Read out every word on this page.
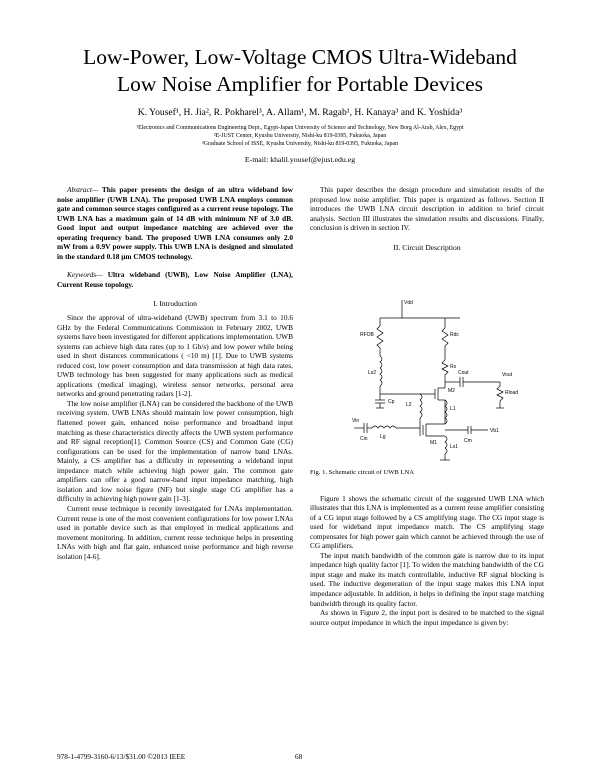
Low-Power, Low-Voltage CMOS Ultra-Wideband
Low Noise Amplifier for Portable Devices
K. Yousef¹, H. Jia², R. Pokharel³, A. Allam¹, M. Ragab¹, H. Kanaya³ and K. Yoshida³
¹Electronics and Communications Engineering Dept., Egypt-Japan University of Science and Technology, New Borg Al-Arab, Alex, Egypt
²E-JUST Center, Kyushu University, Nishi-ku 819-0395, Fukuoka, Japan
³Graduate School of ISSE, Kyushu University, Nishi-ku 819-0395, Fukuoka, Japan
E-mail: khalil.yousef@ejust.edu.eg

Abstract— This paper presents the design of an ultra wideband low noise amplifier (UWB LNA). The proposed UWB LNA employs common gate and common source stages configured as a current reuse topology. The UWB LNA has a maximum gain of 14 dB with minimum NF of 3.0 dB. Good input and output impedance matching are achieved over the operating frequency band. The proposed UWB LNA consumes only 2.0 mW from a 0.9V power supply. This UWB LNA is designed and simulated in the standard 0.18 μm CMOS technology.

Keywords— Ultra wideband (UWB), Low Noise Amplifier (LNA), Current Reuse topology.

I. Introduction

Since the approval of ultra-wideband (UWB) spectrum from 3.1 to 10.6 GHz by the Federal Communications Commission in February 2002, UWB systems have been investigated for different applications implementation. UWB systems can achieve high data rates (up to 1 Gb/s) and low power while being used in short distances communications ( <10 m) [1]. Due to UWB systems reduced cost, low power consumption and data transmission at high data rates, UWB technology has been suggested for many applications such as medical applications (medical imaging), wireless sensor networks, personal area networks and ground penetrating radars [1-2].

The low noise amplifier (LNA) can be considered the backbone of the UWB receiving system. UWB LNAs should maintain low power consumption, high flattened power gain, enhanced noise performance and broadband input matching as these characteristics directly affects the UWB system performance and RF signal reception[1]. Common Source (CS) and Common Gate (CG) configurations can be used for the implementation of narrow band LNAs. Mainly, a CS amplifier has a difficulty in representing a wideband input impedance match while achieving high power gain. The common gate amplifiers can offer a good narrow-band input impedance matching, high isolation and low noise figure (NF) but single stage CG amplifier has a difficulty in achieving high power gain [1-3].

Current reuse technique is recently investigated for LNAs implementation. Current reuse is one of the most convenient configurations for low power LNAs used in portable device such as that employed in medical applications and movement monitoring. In addition, current reuse technique helps in presenting LNAs with high and flat gain, enhanced noise performance and high reverse isolation [4-6].

This paper describes the design procedure and simulation results of the proposed low noise amplifier. This paper is organized as follows. Section II introduces the UWB LNA circuit description in addition to brief circuit analysis. Section III illustrates the simulation results and discussions. Finally, conclusion is driven in section IV.

II. Circuit Description
Vdd
RFOB	Rdc
Rs
Cout	Vout
Rload
Ls2
L2
M2
Cp
L1
Vin
Cin Lg
Ls1
Cm
M1
Vb1

Fig. 1. Schematic circuit of UWB LNA

Figure 1 shows the schematic circuit of the suggested UWB LNA which illustrates that this LNA is implemented as a current reuse amplifier consisting of a CG input stage followed by a CS amplifying stage. The CG input stage is used for wideband input impedance match. The CS amplifying stage compensates for high power gain which cannot be achieved through the use of CG amplifiers.

The input match bandwidth of the common gate is narrow due to its input impedance high quality factor [1]. To widen the matching bandwidth of the CG input stage and make its match controllable, inductive RF signal blocking is used. The inductive degeneration of the input stage makes this LNA input impedance adjustable. In addition, it helps in defining the input stage matching bandwidth through its quality factor.

As shown in Figure 2, the input port is desired to be matched to the signal source output impedance in which the input impedance is given by:

978-1-4799-3160-6/13/$31.00 ©2013 IEEE	68
